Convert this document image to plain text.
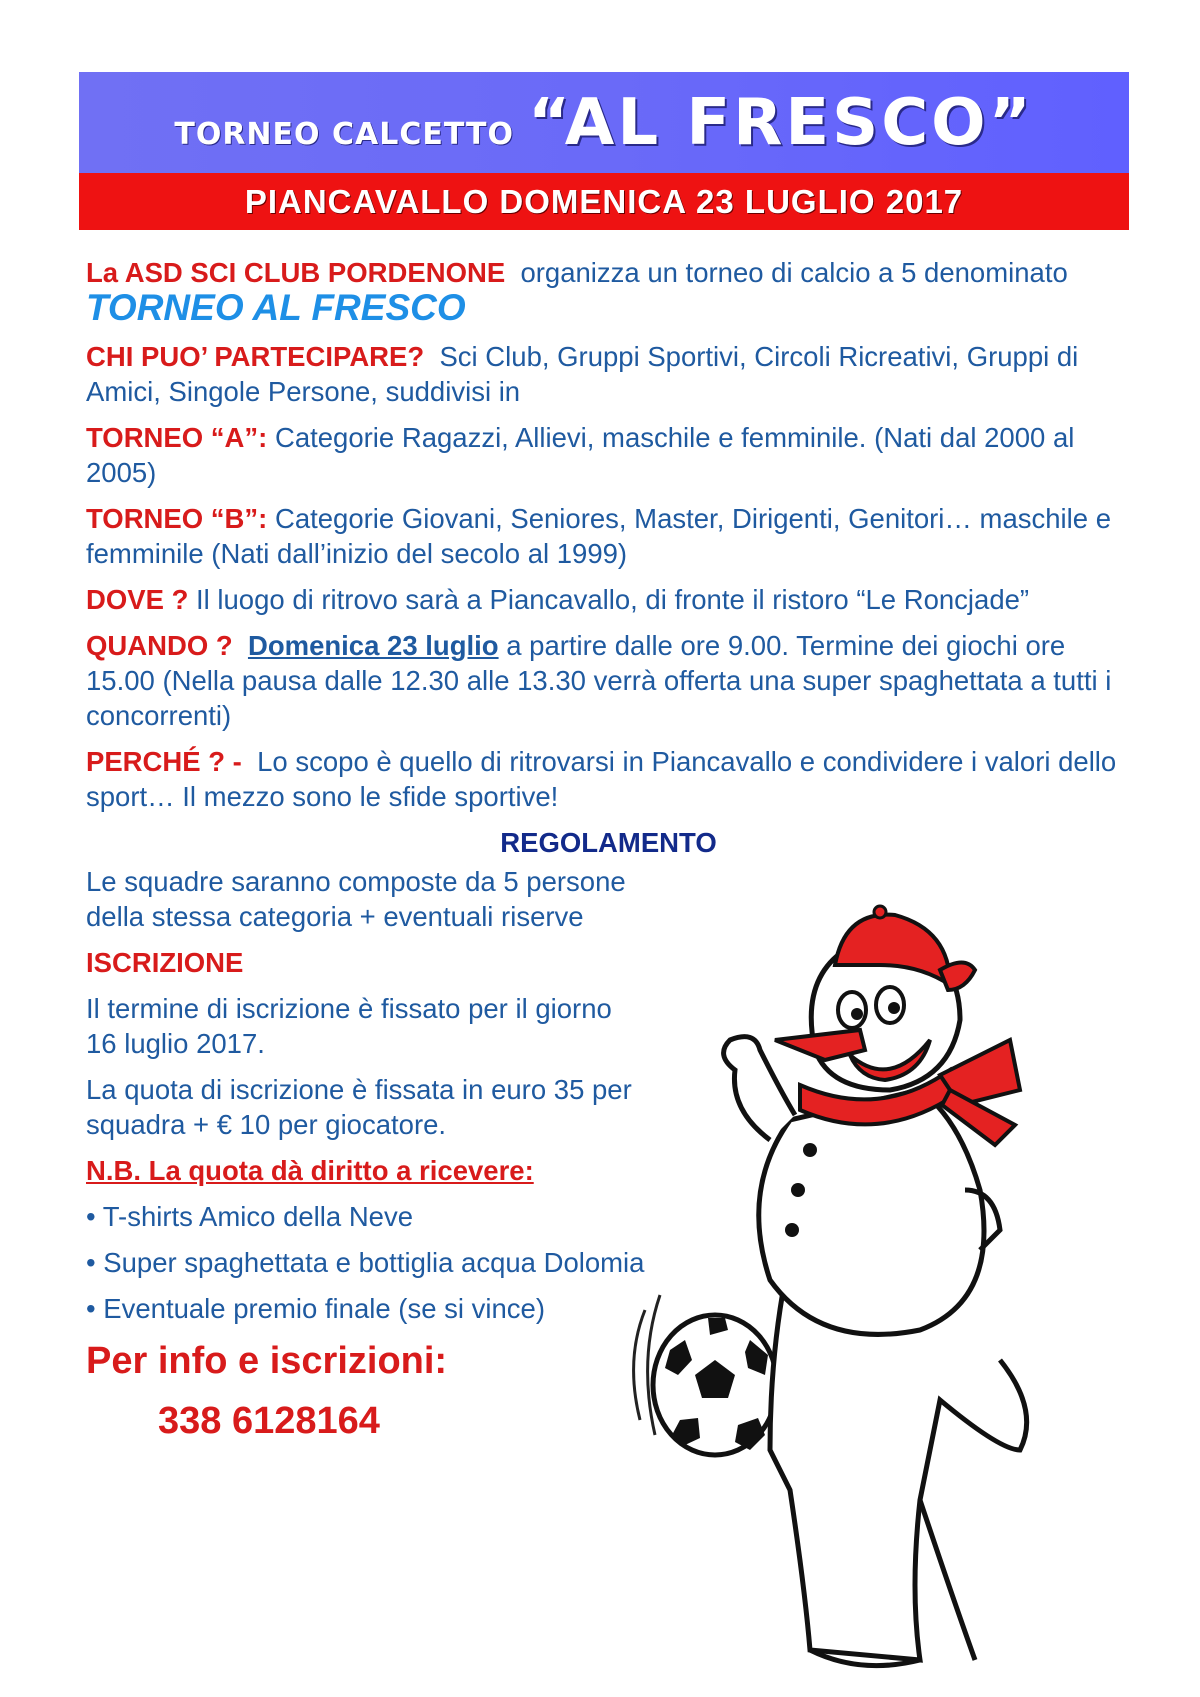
TORNEO CALCETTO “AL FRESCO”
PIANCAVALLO DOMENICA 23 LUGLIO 2017

La ASD SCI CLUB PORDENONE organizza un torneo di calcio a 5 denominato TORNEO AL FRESCO

CHI PUO’ PARTECIPARE? Sci Club, Gruppi Sportivi, Circoli Ricreativi, Gruppi di Amici, Singole Persone, suddivisi in

TORNEO “A”: Categorie Ragazzi, Allievi, maschile e femminile. (Nati dal 2000 al 2005)

TORNEO “B”: Categorie Giovani, Seniores, Master, Dirigenti, Genitori… maschile e femminile (Nati dall’inizio del secolo al 1999)

DOVE ? Il luogo di ritrovo sarà a Piancavallo, di fronte il ristoro “Le Roncjade”

QUANDO ? Domenica 23 luglio a partire dalle ore 9.00. Termine dei giochi ore 15.00 (Nella pausa dalle 12.30 alle 13.30 verrà offerta una super spaghettata a tutti i concorrenti)

PERCHÉ ? - Lo scopo è quello di ritrovarsi in Piancavallo e condividere i valori dello sport… Il mezzo sono le sfide sportive!

REGOLAMENTO

Le squadre saranno composte da 5 persone della stessa categoria + eventuali riserve

ISCRIZIONE

Il termine di iscrizione è fissato per il giorno 16 luglio 2017.

La quota di iscrizione è fissata in euro 35 per squadra + € 10 per giocatore.

N.B. La quota dà diritto a ricevere:

• T-shirts Amico della Neve

• Super spaghettata e bottiglia acqua Dolomia

• Eventuale premio finale (se si vince)

Per info e iscrizioni:
338 6128164
